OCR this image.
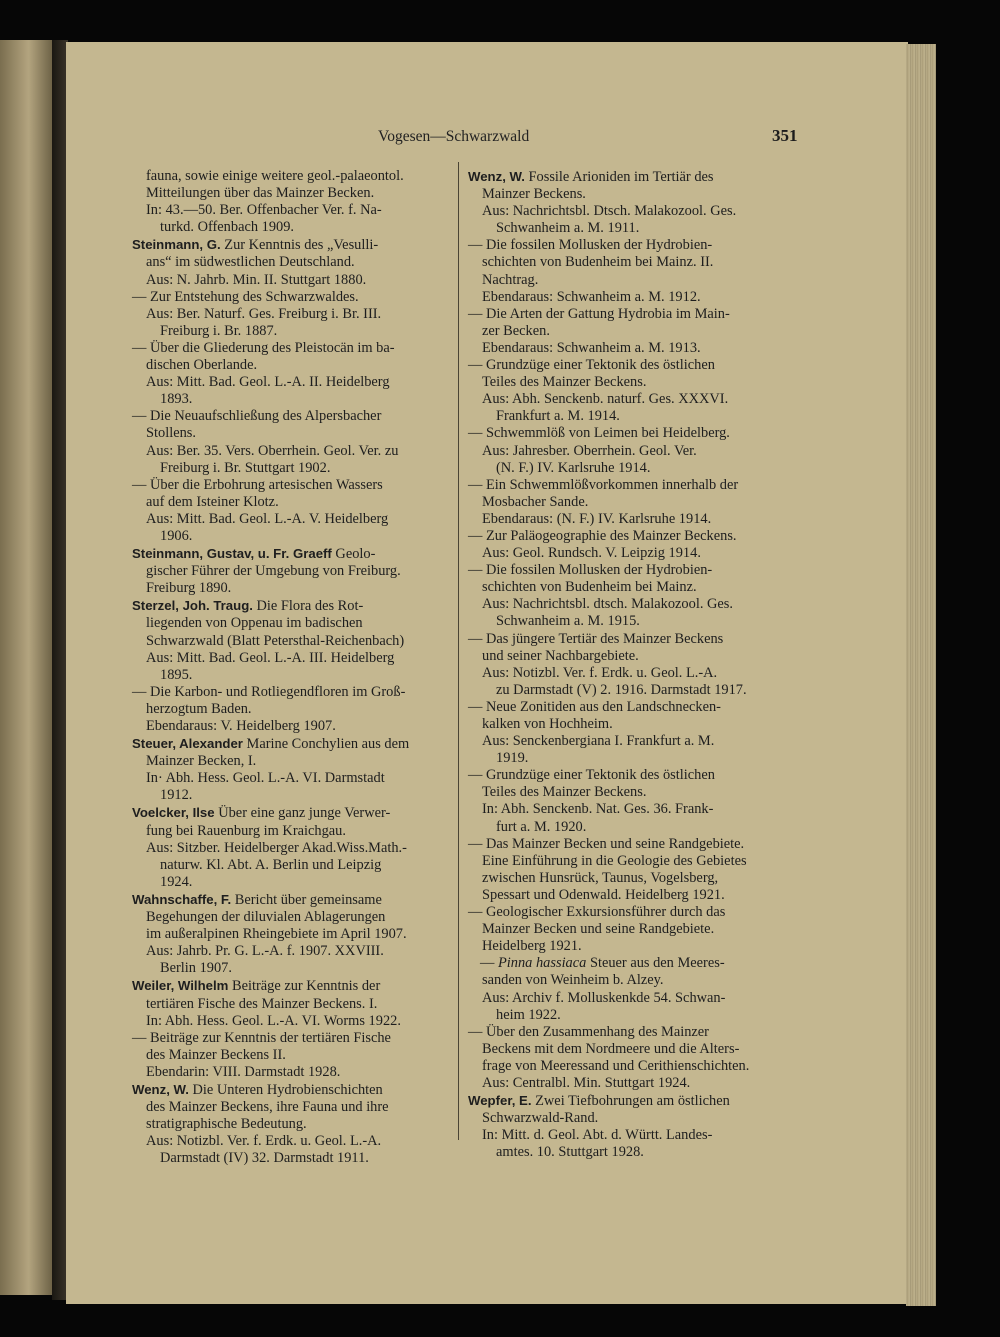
Vogesen—Schwarzwald	351

fauna, sowie einige weitere geol.-palaeontol.

Mitteilungen über das Mainzer Becken.

In: 43.—50. Ber. Offenbacher Ver. f. Na-

turkd. Offenbach 1909.

Steinmann, G. Zur Kenntnis des „Vesulli-

ans“ im südwestlichen Deutschland.

Aus: N. Jahrb. Min. II. Stuttgart 1880.

— Zur Entstehung des Schwarzwaldes.

Aus: Ber. Naturf. Ges. Freiburg i. Br. III.

Freiburg i. Br. 1887.

— Über die Gliederung des Pleistocän im ba-

dischen Oberlande.

Aus: Mitt. Bad. Geol. L.-A. II. Heidelberg

1893.

— Die Neuaufschließung des Alpersbacher

Stollens.

Aus: Ber. 35. Vers. Oberrhein. Geol. Ver. zu

Freiburg i. Br. Stuttgart 1902.

— Über die Erbohrung artesischen Wassers

auf dem Isteiner Klotz.

Aus: Mitt. Bad. Geol. L.-A. V. Heidelberg

1906.

Steinmann, Gustav, u. Fr. Graeff Geolo-

gischer Führer der Umgebung von Freiburg.

Freiburg 1890.

Sterzel, Joh. Traug. Die Flora des Rot-

liegenden von Oppenau im badischen

Schwarzwald (Blatt Petersthal-Reichenbach)

Aus: Mitt. Bad. Geol. L.-A. III. Heidelberg

1895.

— Die Karbon- und Rotliegendfloren im Groß-

herzogtum Baden.

Ebendaraus: V. Heidelberg 1907.

Steuer, Alexander Marine Conchylien aus dem

Mainzer Becken, I.

In· Abh. Hess. Geol. L.-A. VI. Darmstadt

1912.

Voelcker, Ilse Über eine ganz junge Verwer-

fung bei Rauenburg im Kraichgau.

Aus: Sitzber. Heidelberger Akad.Wiss.Math.-

naturw. Kl. Abt. A. Berlin und Leipzig

1924.

Wahnschaffe, F. Bericht über gemeinsame

Begehungen der diluvialen Ablagerungen

im außeralpinen Rheingebiete im April 1907.

Aus: Jahrb. Pr. G. L.-A. f. 1907. XXVIII.

Berlin 1907.

Weiler, Wilhelm Beiträge zur Kenntnis der

tertiären Fische des Mainzer Beckens. I.

In: Abh. Hess. Geol. L.-A. VI. Worms 1922.

— Beiträge zur Kenntnis der tertiären Fische

des Mainzer Beckens II.

Ebendarin: VIII. Darmstadt 1928.

Wenz, W. Die Unteren Hydrobienschichten

des Mainzer Beckens, ihre Fauna und ihre

stratigraphische Bedeutung.

Aus: Notizbl. Ver. f. Erdk. u. Geol. L.-A.

Darmstadt (IV) 32. Darmstadt 1911.

Wenz, W. Fossile Arioniden im Tertiär des

Mainzer Beckens.

Aus: Nachrichtsbl. Dtsch. Malakozool. Ges.

Schwanheim a. M. 1911.

— Die fossilen Mollusken der Hydrobien-

schichten von Budenheim bei Mainz. II.

Nachtrag.

Ebendaraus: Schwanheim a. M. 1912.

— Die Arten der Gattung Hydrobia im Main-

zer Becken.

Ebendaraus: Schwanheim a. M. 1913.

— Grundzüge einer Tektonik des östlichen

Teiles des Mainzer Beckens.

Aus: Abh. Senckenb. naturf. Ges. XXXVI.

Frankfurt a. M. 1914.

— Schwemmlöß von Leimen bei Heidelberg.

Aus: Jahresber. Oberrhein. Geol. Ver.

(N. F.) IV. Karlsruhe 1914.

— Ein Schwemmlößvorkommen innerhalb der

Mosbacher Sande.

Ebendaraus: (N. F.) IV. Karlsruhe 1914.

— Zur Paläogeographie des Mainzer Beckens.

Aus: Geol. Rundsch. V. Leipzig 1914.

— Die fossilen Mollusken der Hydrobien-

schichten von Budenheim bei Mainz.

Aus: Nachrichtsbl. dtsch. Malakozool. Ges.

Schwanheim a. M. 1915.

— Das jüngere Tertiär des Mainzer Beckens

und seiner Nachbargebiete.

Aus: Notizbl. Ver. f. Erdk. u. Geol. L.-A.

zu Darmstadt (V) 2. 1916. Darmstadt 1917.

— Neue Zonitiden aus den Landschnecken-

kalken von Hochheim.

Aus: Senckenbergiana I. Frankfurt a. M.

1919.

— Grundzüge einer Tektonik des östlichen

Teiles des Mainzer Beckens.

In: Abh. Senckenb. Nat. Ges. 36. Frank-

furt a. M. 1920.

— Das Mainzer Becken und seine Randgebiete.

Eine Einführung in die Geologie des Gebietes

zwischen Hunsrück, Taunus, Vogelsberg,

Spessart und Odenwald. Heidelberg 1921.

— Geologischer Exkursionsführer durch das

Mainzer Becken und seine Randgebiete.

Heidelberg 1921.

— Pinna hassiaca Steuer aus den Meeres-

sanden von Weinheim b. Alzey.

Aus: Archiv f. Molluskenkde 54. Schwan-

heim 1922.

— Über den Zusammenhang des Mainzer

Beckens mit dem Nordmeere und die Alters-

frage von Meeressand und Cerithienschichten.

Aus: Centralbl. Min. Stuttgart 1924.

Wepfer, E. Zwei Tiefbohrungen am östlichen

Schwarzwald-Rand.

In: Mitt. d. Geol. Abt. d. Württ. Landes-

amtes. 10. Stuttgart 1928.
